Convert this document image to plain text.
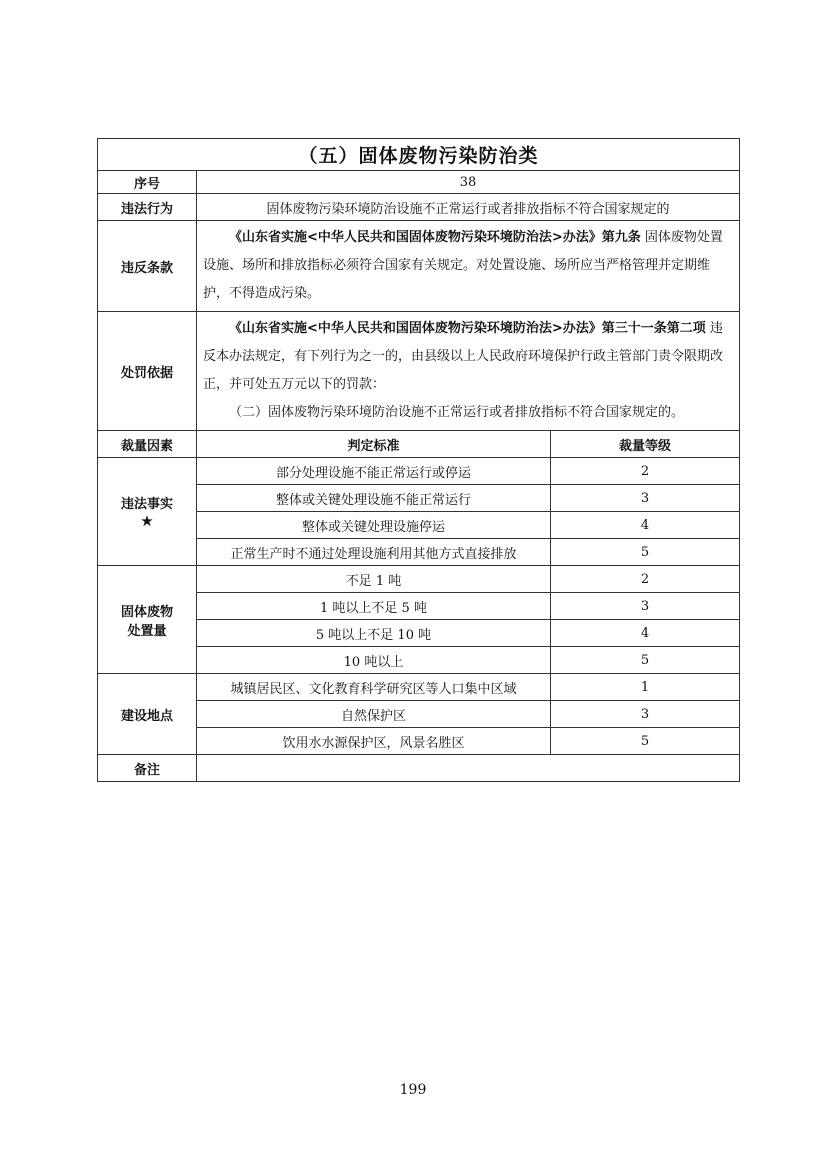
（五）固体废物污染防治类		
序号	38	
违法行为	固体废物污染环境防治设施不正常运行或者排放指标不符合国家规定的	
违反条款	《山东省实施<中华人民共和国固体废物污染环境防治法>办法》第九条 固体废物处置设施、场所和排放指标必须符合国家有关规定。对处置设施、场所应当严格管理并定期维护，不得造成污染。	

处罚依据	《山东省实施<中华人民共和国固体废物污染环境防治法>办法》第三十一条第二项 违反本办法规定，有下列行为之一的，由县级以上人民政府环境保护行政主管部门责令限期改正，并可处五万元以下的罚款：
（二）固体废物污染环境防治设施不正常运行或者排放指标不符合国家规定的。	

裁量因素	判定标准	裁量等级
违法事实
★	部分处理设施不能正常运行或停运	2
	整体或关键处理设施不能正常运行	3
	整体或关键处理设施停运	4
	正常生产时不通过处理设施利用其他方式直接排放	5

固体废物
处置量	不足 1 吨	2
	1 吨以上不足 5 吨	3
	5 吨以上不足 10 吨	4
	10 吨以上	5
建设地点	城镇居民区、文化教育科学研究区等人口集中区域	1
	自然保护区	3
	饮用水水源保护区，风景名胜区	5
备注		
199
